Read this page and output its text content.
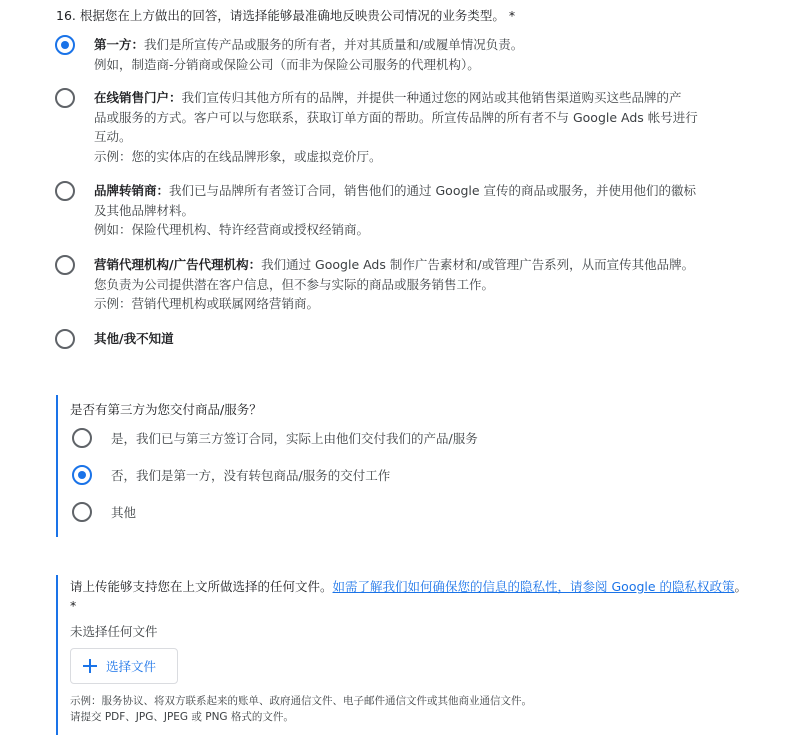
16. 根据您在上方做出的回答，请选择能够最准确地反映贵公司情况的业务类型。 *
第一方：我们是所宣传产品或服务的所有者，并对其质量和/或履单情况负责。
例如，制造商-分销商或保险公司（而非为保险公司服务的代理机构）。
在线销售门户：我们宣传归其他方所有的品牌，并提供一种通过您的网站或其他销售渠道购买这些品牌的产
品或服务的方式。客户可以与您联系，获取订单方面的帮助。所宣传品牌的所有者不与 Google Ads 帐号进行
互动。
示例：您的实体店的在线品牌形象，或虚拟竞价厅。
品牌转销商：我们已与品牌所有者签订合同，销售他们的通过 Google 宣传的商品或服务，并使用他们的徽标
及其他品牌材料。
例如：保险代理机构、特许经营商或授权经销商。
营销代理机构/广告代理机构：我们通过 Google Ads 制作广告素材和/或管理广告系列，从而宣传其他品牌。
您负责为公司提供潜在客户信息，但不参与实际的商品或服务销售工作。
示例：营销代理机构或联属网络营销商。
其他/我不知道
是否有第三方为您交付商品/服务？
是，我们已与第三方签订合同，实际上由他们交付我们的产品/服务
否，我们是第一方，没有转包商品/服务的交付工作
其他
请上传能够支持您在上文所做选择的任何文件。如需了解我们如何确保您的信息的隐私性，请参阅 Google 的隐私权政策。 *
未选择任何文件
选择文件
示例：服务协议、将双方联系起来的账单、政府通信文件、电子邮件通信文件或其他商业通信文件。
请提交 PDF、JPG、JPEG 或 PNG 格式的文件。
